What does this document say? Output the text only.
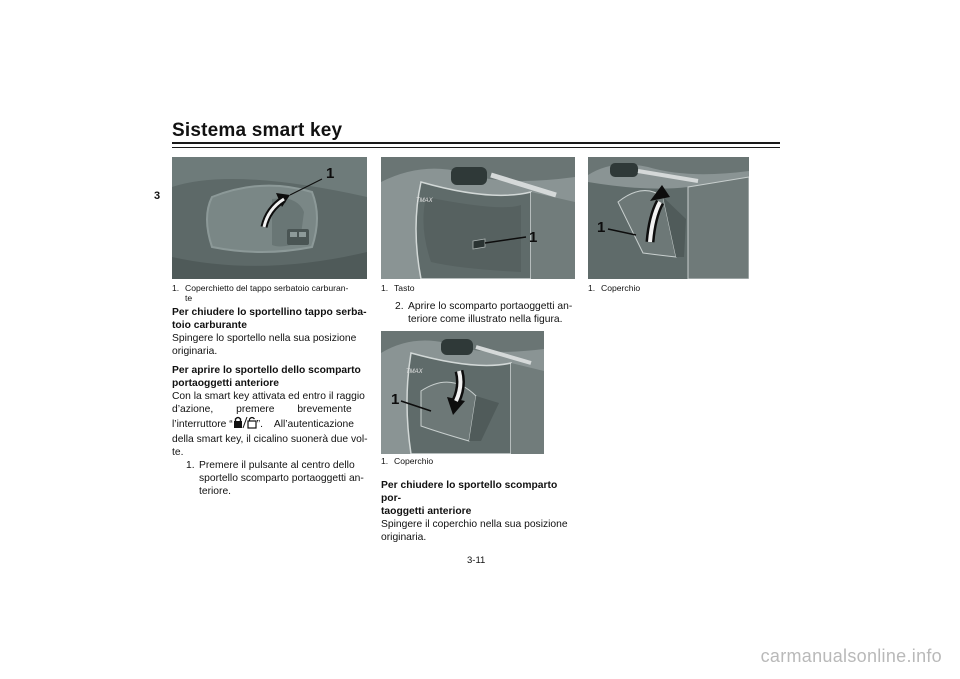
Sistema smart key
3
1
1. Coperchietto del tappo serbatoio carburan-
te
Per chiudere lo sportellino tappo serba-
toio carburante
Spingere lo sportello nella sua posizione
originaria.
Per aprire lo sportello dello scomparto
portaoggetti anteriore
Con la smart key attivata ed entro il raggio
d’azione,        premere        brevemente
l’interruttore “ ”.    All’autenticazione
della smart key, il cicalino suonerà due vol-
te.
1. Premere il pulsante al centro dello
sportello scomparto portaoggetti an-
teriore.
TMAX
1
1. Tasto
2. Aprire lo scomparto portaoggetti an-
teriore come illustrato nella figura.
TMAX
1
1. Coperchio
Per chiudere lo sportello scomparto por-
taoggetti anteriore
Spingere il coperchio nella sua posizione
originaria.
1
1. Coperchio
3-11
carmanualsonline.info
